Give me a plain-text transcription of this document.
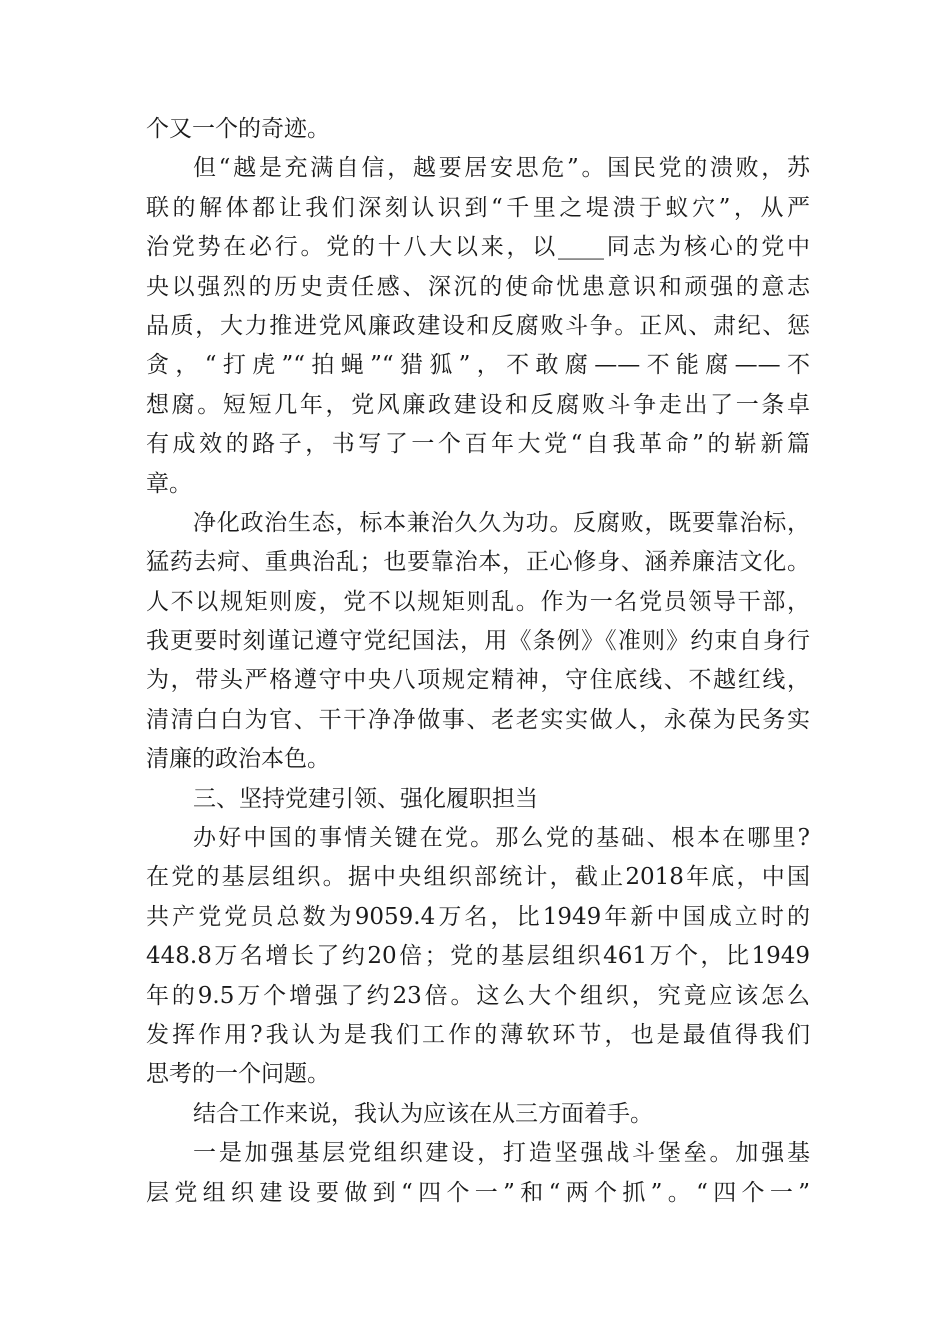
个又一个的奇迹。
但“越是充满自信，越要居安思危”。国民党的溃败，苏
联的解体都让我们深刻认识到“千里之堤溃于蚁穴”，从严
治党势在必行。党的十八大以来，以____同志为核心的党中
央以强烈的历史责任感、深沉的使命忧患意识和顽强的意志
品质，大力推进党风廉政建设和反腐败斗争。正风、肃纪、惩
贪，“打虎”“拍蝇”“猎狐”，不敢腐——不能腐——不
想腐。短短几年，党风廉政建设和反腐败斗争走出了一条卓
有成效的路子，书写了一个百年大党“自我革命”的崭新篇
章。
净化政治生态，标本兼治久久为功。反腐败，既要靠治标，
猛药去疴、重典治乱；也要靠治本，正心修身、涵养廉洁文化。
人不以规矩则废，党不以规矩则乱。作为一名党员领导干部，
我更要时刻谨记遵守党纪国法，用《条例》《准则》约束自身行
为，带头严格遵守中央八项规定精神，守住底线、不越红线，
清清白白为官、干干净净做事、老老实实做人，永葆为民务实
清廉的政治本色。
三、坚持党建引领、强化履职担当
办好中国的事情关键在党。那么党的基础、根本在哪里?
在党的基层组织。据中央组织部统计，截止2018年底，中国
共产党党员总数为9059.4万名，比1949年新中国成立时的
448.8万名增长了约20倍；党的基层组织461万个，比1949
年的9.5万个增强了约23倍。这么大个组织，究竟应该怎么
发挥作用?我认为是我们工作的薄软环节，也是最值得我们
思考的一个问题。
结合工作来说，我认为应该在从三方面着手。
一是加强基层党组织建设，打造坚强战斗堡垒。加强基
层党组织建设要做到“四个一”和“两个抓”。“四个一”
